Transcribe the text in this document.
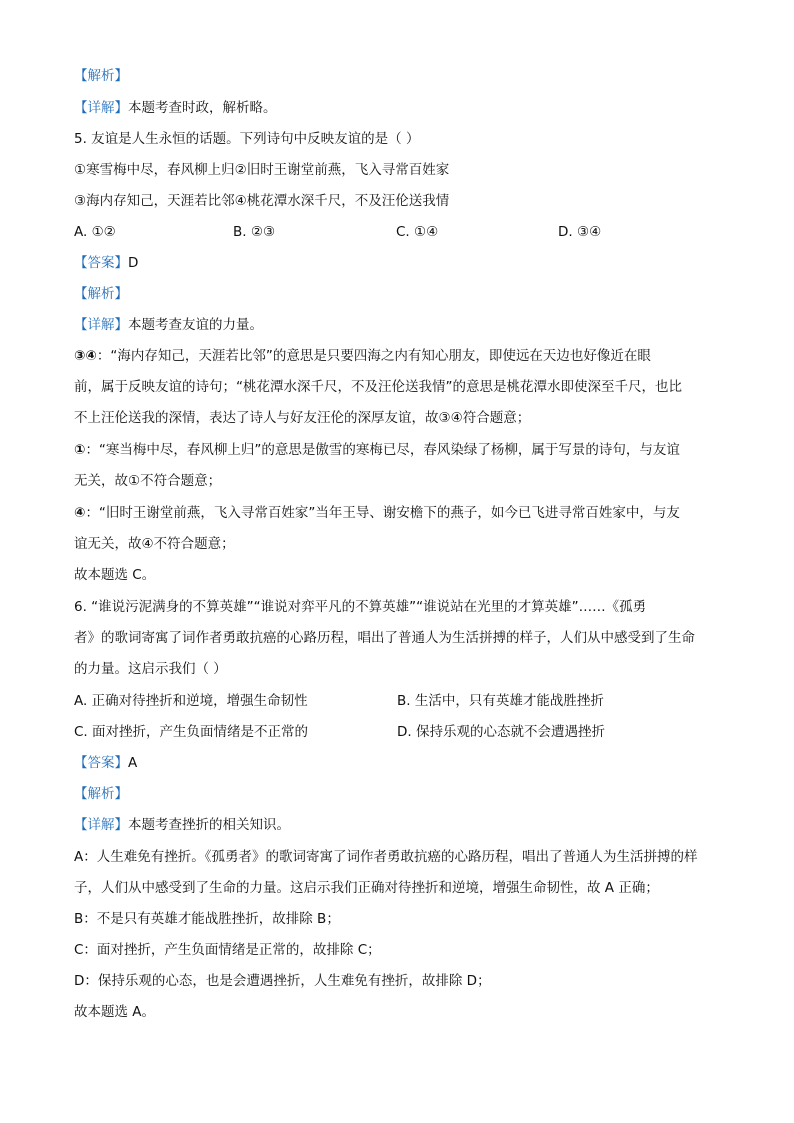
【解析】
【详解】本题考查时政，解析略。
5. 友谊是人生永恒的话题。下列诗句中反映友谊的是（ ）
①寒雪梅中尽，春风柳上归②旧时王谢堂前燕，飞入寻常百姓家
③海内存知己，天涯若比邻④桃花潭水深千尺，不及汪伦送我情
A. ①②	B. ②③	C. ①④	D. ③④
【答案】D
【解析】
【详解】本题考查友谊的力量。
③④：“海内存知己，天涯若比邻”的意思是只要四海之内有知心朋友，即使远在天边也好像近在眼
前，属于反映友谊的诗句；“桃花潭水深千尺，不及汪伦送我情”的意思是桃花潭水即使深至千尺，也比
不上汪伦送我的深情，表达了诗人与好友汪伦的深厚友谊，故③④符合题意；
①：“寒当梅中尽，春风柳上归”的意思是傲雪的寒梅已尽，春风染绿了杨柳，属于写景的诗句，与友谊
无关，故①不符合题意；
④：“旧时王谢堂前燕，飞入寻常百姓家”当年王导、谢安檐下的燕子，如今已飞进寻常百姓家中，与友
谊无关，故④不符合题意；
故本题选 C。
6. “谁说污泥满身的不算英雄”“谁说对弈平凡的不算英雄”“谁说站在光里的才算英雄”……《孤勇
者》的歌词寄寓了词作者勇敢抗癌的心路历程，唱出了普通人为生活拼搏的样子，人们从中感受到了生命
的力量。这启示我们（ ）
A. 正确对待挫折和逆境，增强生命韧性	B. 生活中，只有英雄才能战胜挫折
C. 面对挫折，产生负面情绪是不正常的	D. 保持乐观的心态就不会遭遇挫折
【答案】A
【解析】
【详解】本题考查挫折的相关知识。
A：人生难免有挫折。《孤勇者》的歌词寄寓了词作者勇敢抗癌的心路历程，唱出了普通人为生活拼搏的样
子，人们从中感受到了生命的力量。这启示我们正确对待挫折和逆境，增强生命韧性，故 A 正确；
B：不是只有英雄才能战胜挫折，故排除 B；
C：面对挫折，产生负面情绪是正常的，故排除 C；
D：保持乐观的心态，也是会遭遇挫折，人生难免有挫折，故排除 D；
故本题选 A。
